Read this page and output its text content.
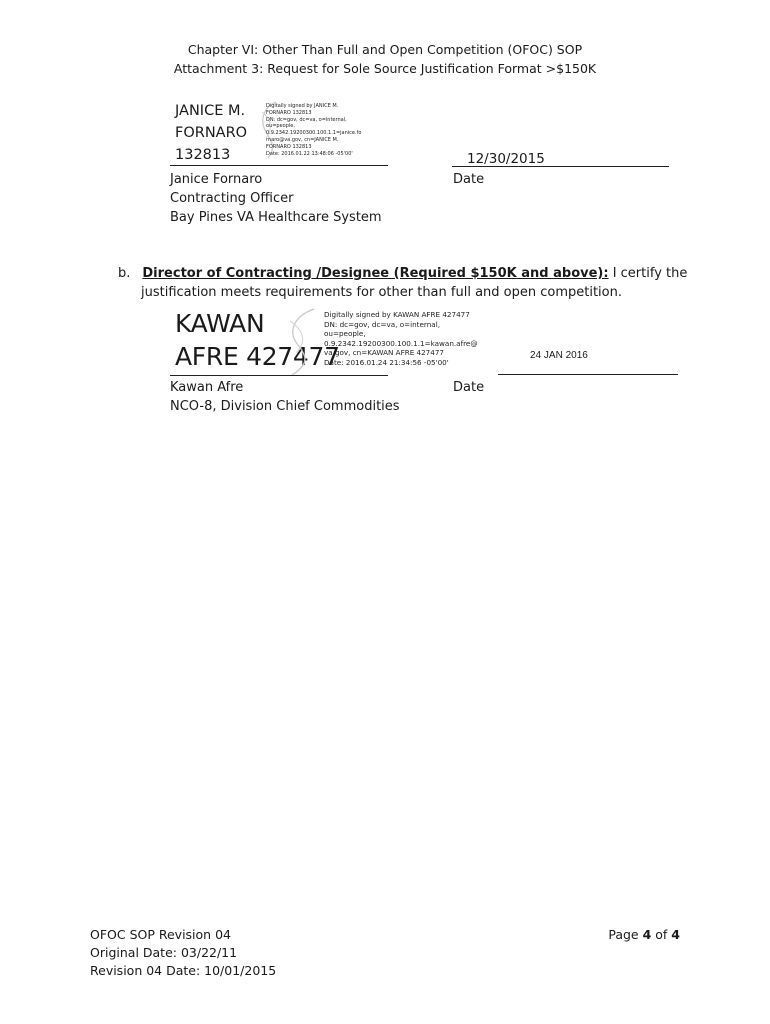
Chapter VI: Other Than Full and Open Competition (OFOC) SOP
Attachment 3: Request for Sole Source Justification Format >$150K
JANICE M.
FORNARO
132813
Digitally signed by JANICE M.
FORNARO 132813
DN: dc=gov, dc=va, o=internal,
ou=people,
0.9.2342.19200300.100.1.1=janice.fo
rnaro@va.gov, cn=JANICE M.
FORNARO 132813
Date: 2016.01.22 13:48:06 -05'00'	12/30/2015
Date
Janice Fornaro
Contracting Officer
Bay Pines VA Healthcare System
b. Director of Contracting /Designee (Required $150K and above): I certify the
justification meets requirements for other than full and open competition.
KAWAN
AFRE 427477
Digitally signed by KAWAN AFRE 427477
DN: dc=gov, dc=va, o=internal,
ou=people,
0.9.2342.19200300.100.1.1=kawan.afre@
va.gov, cn=KAWAN AFRE 427477
Date: 2016.01.24 21:34:56 -05'00'
24 JAN 2016
Date
Kawan Afre
NCO-8, Division Chief Commodities
OFOC SOP Revision 04
Original Date: 03/22/11
Revision 04 Date: 10/01/2015
Page 4 of 4
